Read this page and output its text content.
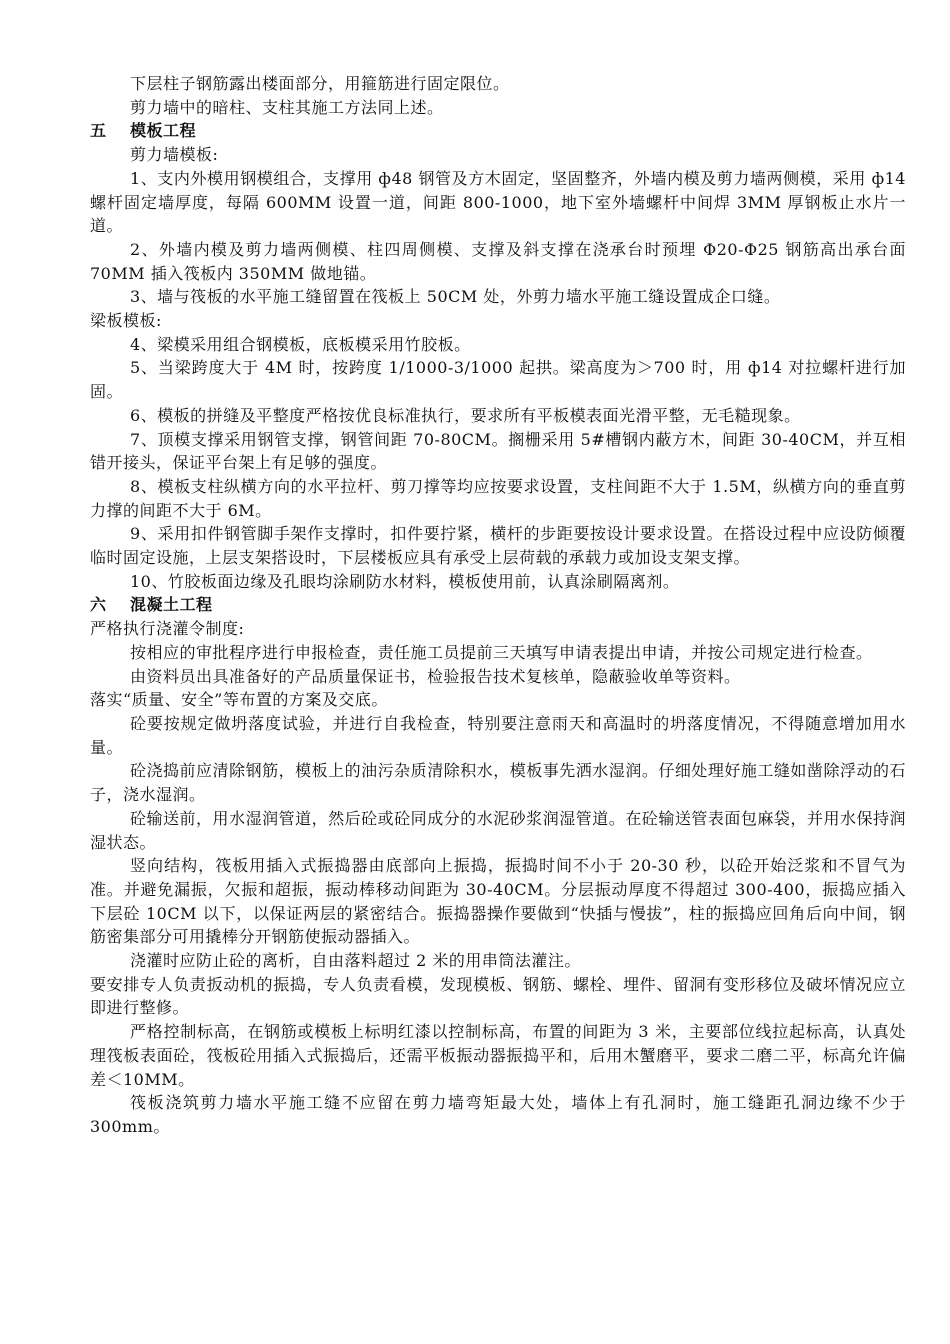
下层柱子钢筋露出楼面部分，用箍筋进行固定限位。

剪力墙中的暗柱、支柱其施工方法同上述。

五 模板工程

剪力墙模板:

1、支内外模用钢模组合，支撑用 ф48 钢管及方木固定，坚固整齐，外墙内模及剪力墙两侧模，采用 ф14 螺杆固定墙厚度，每隔 600MM 设置一道，间距 800-1000，地下室外墙螺杆中间焊 3MM 厚钢板止水片一道。

2、外墙内模及剪力墙两侧模、柱四周侧模、支撑及斜支撑在浇承台时预埋 Φ20-Φ25 钢筋高出承台面 70MM 插入筏板内 350MM 做地锚。

3、墙与筏板的水平施工缝留置在筏板上 50CM 处，外剪力墙水平施工缝设置成企口缝。

梁板模板:

4、梁模采用组合钢模板，底板模采用竹胶板。

5、当梁跨度大于 4M 时，按跨度 1/1000-3/1000 起拱。梁高度为＞700 时，用 ф14 对拉螺杆进行加固。

6、模板的拼缝及平整度严格按优良标准执行，要求所有平板模表面光滑平整，无毛糙现象。

7、顶模支撑采用钢管支撑，钢管间距 70-80CM。搁栅采用 5#槽钢内蔽方木，间距 30-40CM，并互相错开接头，保证平台架上有足够的强度。

8、模板支柱纵横方向的水平拉杆、剪刀撑等均应按要求设置，支柱间距不大于 1.5M，纵横方向的垂直剪力撑的间距不大于 6M。

9、采用扣件钢管脚手架作支撑时，扣件要拧紧，横杆的步距要按设计要求设置。在搭设过程中应设防倾覆临时固定设施，上层支架搭设时，下层楼板应具有承受上层荷载的承载力或加设支架支撑。

10、竹胶板面边缘及孔眼均涂刷防水材料，模板使用前，认真涂刷隔离剂。

六 混凝土工程

严格执行浇灌令制度:

按相应的审批程序进行申报检查，责任施工员提前三天填写申请表提出申请，并按公司规定进行检查。

由资料员出具准备好的产品质量保证书，检验报告技术复核单，隐蔽验收单等资料。

落实“质量、安全”等布置的方案及交底。

砼要按规定做坍落度试验，并进行自我检查，特别要注意雨天和高温时的坍落度情况，不得随意增加用水量。

砼浇捣前应清除钢筋，模板上的油污杂质清除积水，模板事先洒水湿润。仔细处理好施工缝如凿除浮动的石子，浇水湿润。

砼输送前，用水湿润管道，然后砼或砼同成分的水泥砂浆润湿管道。在砼输送管表面包麻袋，并用水保持润湿状态。

竖向结构，筏板用插入式振捣器由底部向上振捣，振捣时间不小于 20-30 秒，以砼开始泛浆和不冒气为准。并避免漏振，欠振和超振，振动棒移动间距为 30-40CM。分层振动厚度不得超过 300-400，振捣应插入下层砼 10CM 以下，以保证两层的紧密结合。振捣器操作要做到“快插与慢拔”，柱的振捣应回角后向中间，钢筋密集部分可用撬棒分开钢筋使振动器插入。

浇灌时应防止砼的离析，自由落料超过 2 米的用串筒法灌注。

要安排专人负责扳动机的振捣，专人负责看模，发现模板、钢筋、螺栓、埋件、留洞有变形移位及破坏情况应立即进行整修。

严格控制标高，在钢筋或模板上标明红漆以控制标高，布置的间距为 3 米，主要部位线拉起标高，认真处理筏板表面砼，筏板砼用插入式振捣后，还需平板振动器振捣平和，后用木蟹磨平，要求二磨二平，标高允许偏差＜10MM。

筏板浇筑剪力墙水平施工缝不应留在剪力墙弯矩最大处，墙体上有孔洞时，施工缝距孔洞边缘不少于 300mm。
